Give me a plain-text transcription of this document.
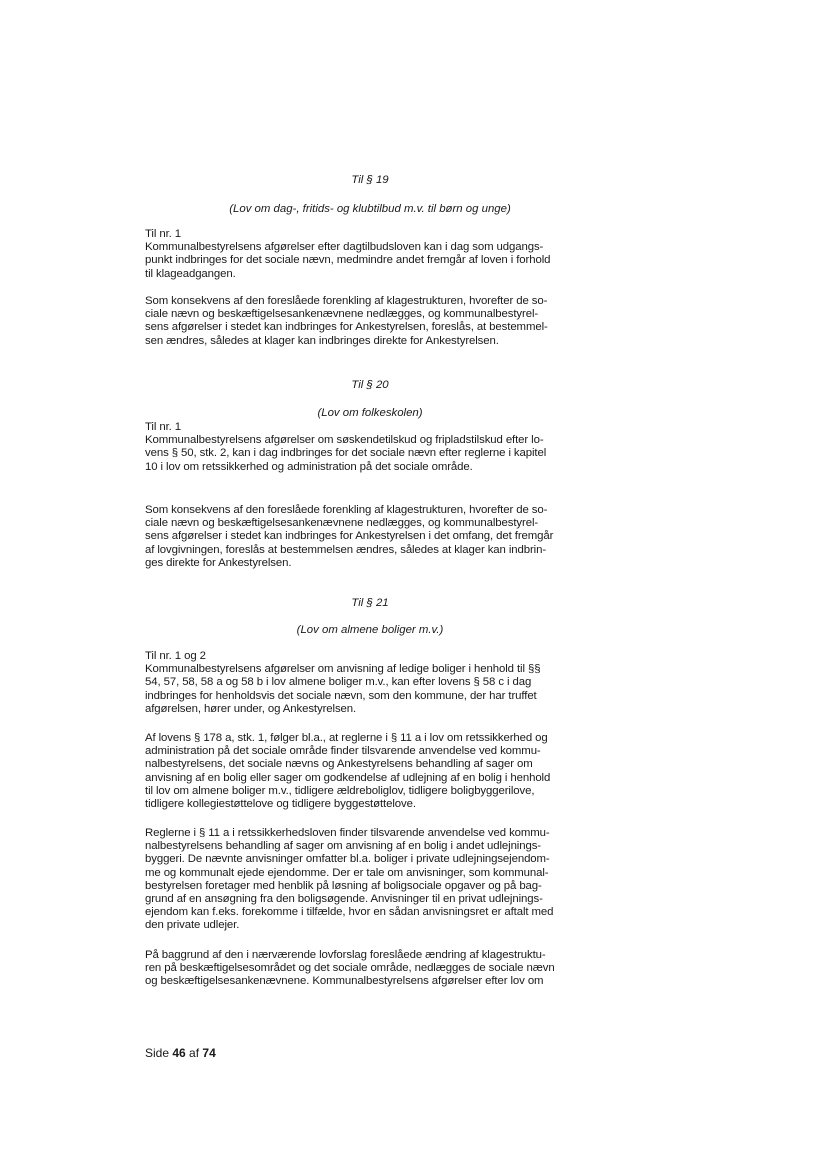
Til § 19

(Lov om dag-, fritids- og klubtilbud m.v. til børn og unge)

Til nr. 1
Kommunalbestyrelsens afgørelser efter dagtilbudsloven kan i dag som udgangs-
punkt indbringes for det sociale nævn, medmindre andet fremgår af loven i forhold
til klageadgangen.
Som konsekvens af den foreslåede forenkling af klagestrukturen, hvorefter de so-
ciale nævn og beskæftigelsesankenævnene nedlægges, og kommunalbestyrel-
sens afgørelser i stedet kan indbringes for Ankestyrelsen, foreslås, at bestemmel-
sen ændres, således at klager kan indbringes direkte for Ankestyrelsen.

Til § 20

(Lov om folkeskolen)

Til nr. 1
Kommunalbestyrelsens afgørelser om søskendetilskud og fripladstilskud efter lo-
vens § 50, stk. 2, kan i dag indbringes for det sociale nævn efter reglerne i kapitel
10 i lov om retssikkerhed og administration på det sociale område.
Som konsekvens af den foreslåede forenkling af klagestrukturen, hvorefter de so-
ciale nævn og beskæftigelsesankenævnene nedlægges, og kommunalbestyrel-
sens afgørelser i stedet kan indbringes for Ankestyrelsen i det omfang, det fremgår
af lovgivningen, foreslås at bestemmelsen ændres, således at klager kan indbrin-
ges direkte for Ankestyrelsen.

Til § 21

(Lov om almene boliger m.v.)

Til nr. 1 og 2
Kommunalbestyrelsens afgørelser om anvisning af ledige boliger i henhold til §§
54, 57, 58, 58 a og 58 b i lov almene boliger m.v., kan efter lovens § 58 c i dag
indbringes for henholdsvis det sociale nævn, som den kommune, der har truffet
afgørelsen, hører under, og Ankestyrelsen.
Af lovens § 178 a, stk. 1, følger bl.a., at reglerne i § 11 a i lov om retssikkerhed og
administration på det sociale område finder tilsvarende anvendelse ved kommu-
nalbestyrelsens, det sociale nævns og Ankestyrelsens behandling af sager om
anvisning af en bolig eller sager om godkendelse af udlejning af en bolig i henhold
til lov om almene boliger m.v., tidligere ældreboliglov, tidligere boligbyggerilove,
tidligere kollegiestøttelove og tidligere byggestøttelove.
Reglerne i § 11 a i retssikkerhedsloven finder tilsvarende anvendelse ved kommu-
nalbestyrelsens behandling af sager om anvisning af en bolig i andet udlejnings-
byggeri. De nævnte anvisninger omfatter bl.a. boliger i private udlejningsejendom-
me og kommunalt ejede ejendomme. Der er tale om anvisninger, som kommunal-
bestyrelsen foretager med henblik på løsning af boligsociale opgaver og på bag-
grund af en ansøgning fra den boligsøgende. Anvisninger til en privat udlejnings-
ejendom kan f.eks. forekomme i tilfælde, hvor en sådan anvisningsret er aftalt med
den private udlejer.
På baggrund af den i nærværende lovforslag foreslåede ændring af klagestruktu-
ren på beskæftigelsesområdet og det sociale område, nedlægges de sociale nævn
og beskæftigelsesankenævnene. Kommunalbestyrelsens afgørelser efter lov om
Side 46 af 74
